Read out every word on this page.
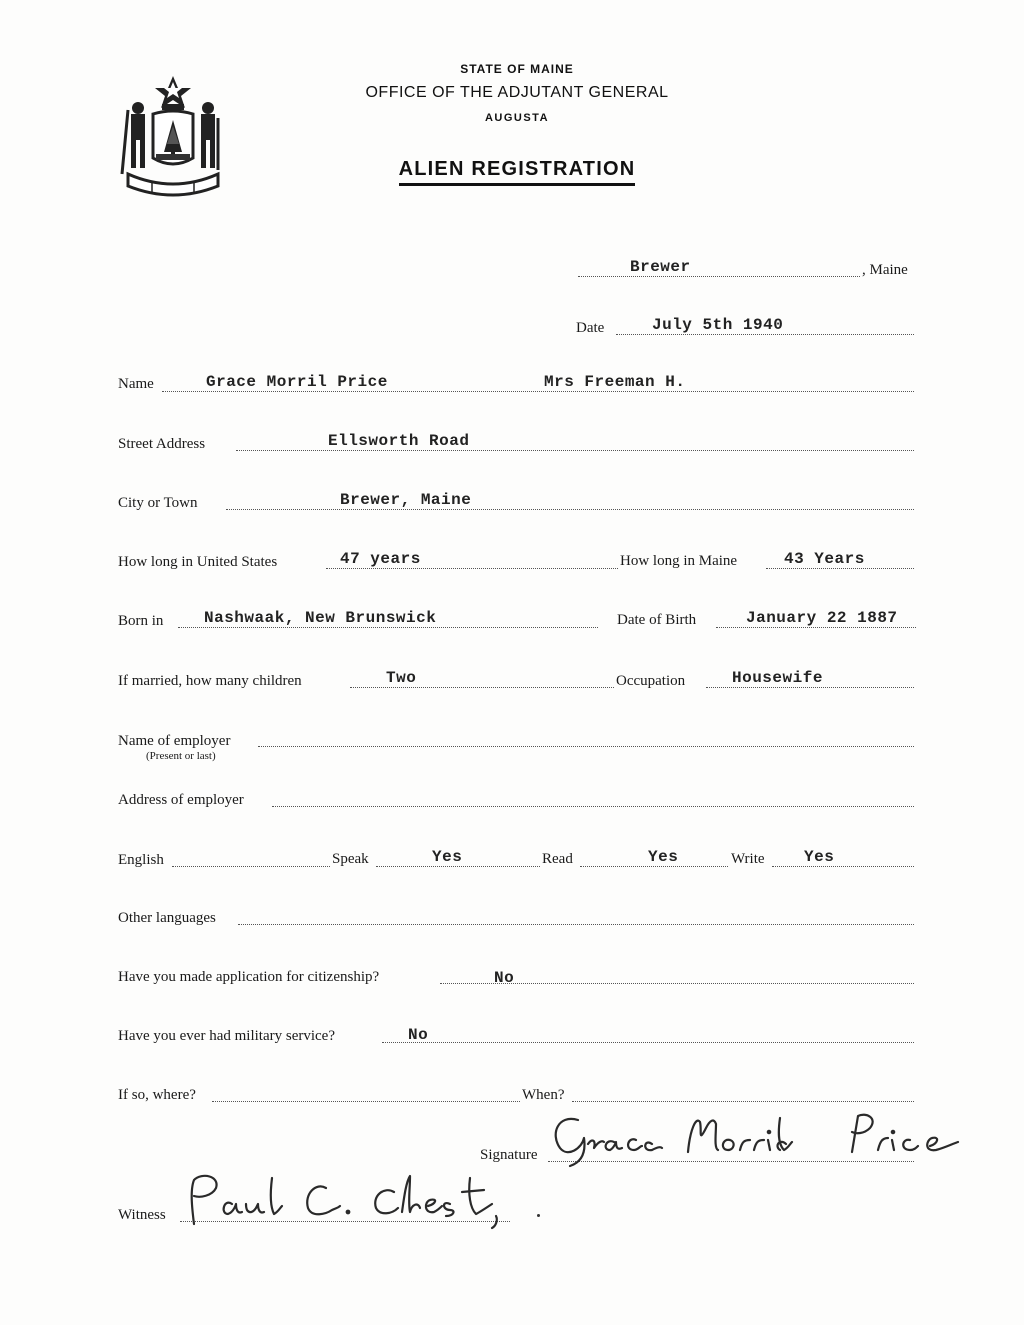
STATE OF MAINE
OFFICE OF THE ADJUTANT GENERAL
AUGUSTA
ALIEN REGISTRATION
Brewer	, Maine
Date	July 5th 1940
Name	Grace Morril Price	Mrs Freeman H.
Street Address	Ellsworth Road
City or Town	Brewer, Maine
How long in United States	47 years	How long in Maine	43 Years
Born in	Nashwaak, New Brunswick	Date of Birth	January 22 1887
If married, how many children	Two	Occupation	Housewife
Name of employer
(Present or last)
Address of employer
English	Speak	Yes	Read	Yes	Write Yes
Other languages
Have you made application for citizenship?	No
Have you ever had military service?	No
If so, where?	When?
Signature
Witness
